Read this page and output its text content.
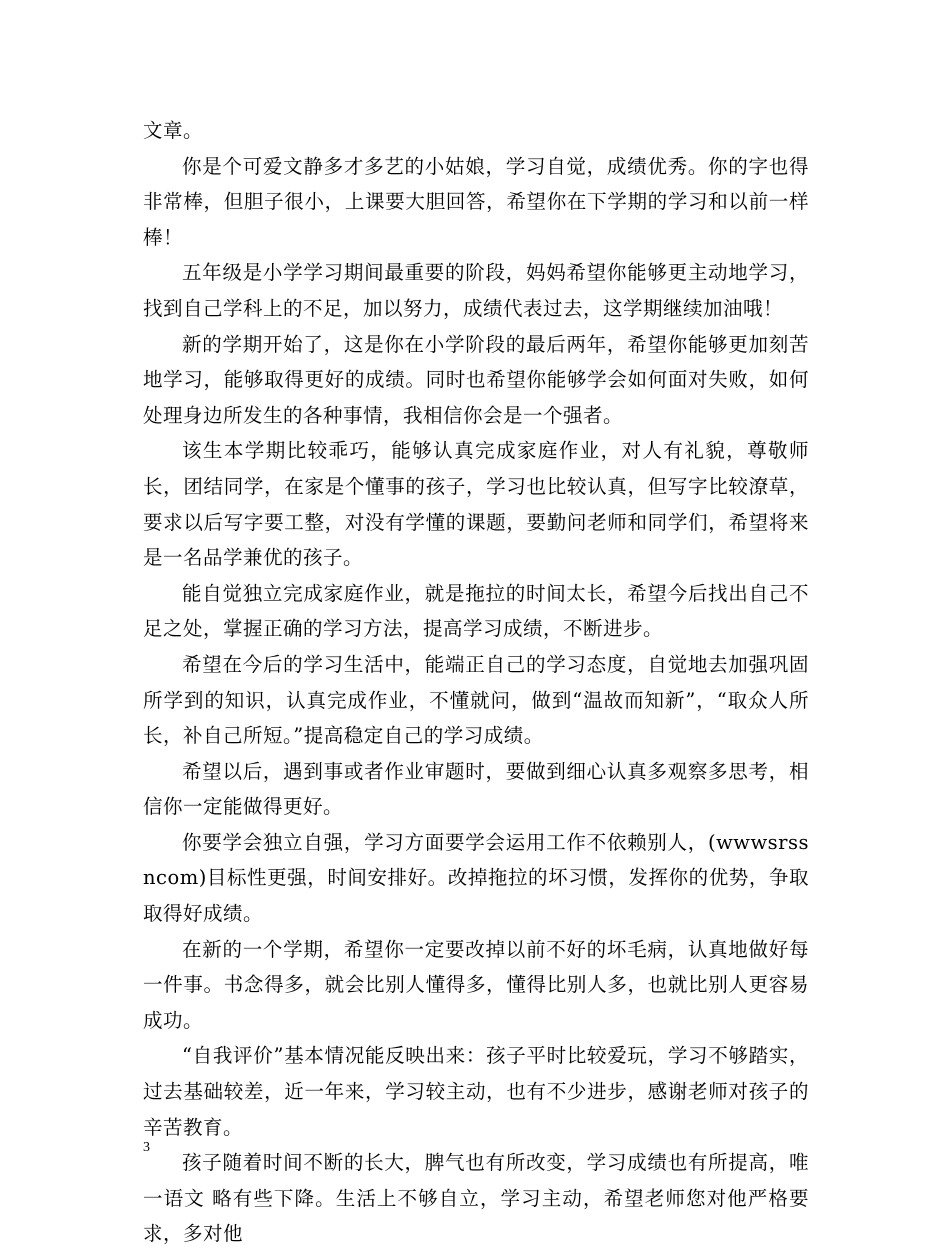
文章。

你是个可爱文静多才多艺的小姑娘，学习自觉，成绩优秀。你的字也得非常棒，但胆子很小，上课要大胆回答，希望你在下学期的学习和以前一样棒！

五年级是小学学习期间最重要的阶段，妈妈希望你能够更主动地学习，找到自己学科上的不足，加以努力，成绩代表过去，这学期继续加油哦！

新的学期开始了，这是你在小学阶段的最后两年，希望你能够更加刻苦地学习，能够取得更好的成绩。同时也希望你能够学会如何面对失败，如何处理身边所发生的各种事情，我相信你会是一个强者。

该生本学期比较乖巧，能够认真完成家庭作业，对人有礼貌，尊敬师长，团结同学，在家是个懂事的孩子，学习也比较认真，但写字比较潦草，要求以后写字要工整，对没有学懂的课题，要勤问老师和同学们，希望将来是一名品学兼优的孩子。

能自觉独立完成家庭作业，就是拖拉的时间太长，希望今后找出自己不足之处，掌握正确的学习方法，提高学习成绩，不断进步。

希望在今后的学习生活中，能端正自己的学习态度，自觉地去加强巩固所学到的知识，认真完成作业，不懂就问，做到“温故而知新”，“取众人所长，补自己所短。”提高稳定自己的学习成绩。

希望以后，遇到事或者作业审题时，要做到细心认真多观察多思考，相信你一定能做得更好。

你要学会独立自强，学习方面要学会运用工作不依赖别人，(wwwsrssncom)目标性更强，时间安排好。改掉拖拉的坏习惯，发挥你的优势，争取取得好成绩。

在新的一个学期，希望你一定要改掉以前不好的坏毛病，认真地做好每一件事。书念得多，就会比别人懂得多，懂得比别人多，也就比别人更容易成功。

“自我评价”基本情况能反映出来：孩子平时比较爱玩，学习不够踏实，过去基础较差，近一年来，学习较主动，也有不少进步，感谢老师对孩子的辛苦教育。

孩子随着时间不断的长大，脾气也有所改变，学习成绩也有所提高，唯一语文 略有些下降。生活上不够自立，学习主动，希望老师您对他严格要求，多对他

3
